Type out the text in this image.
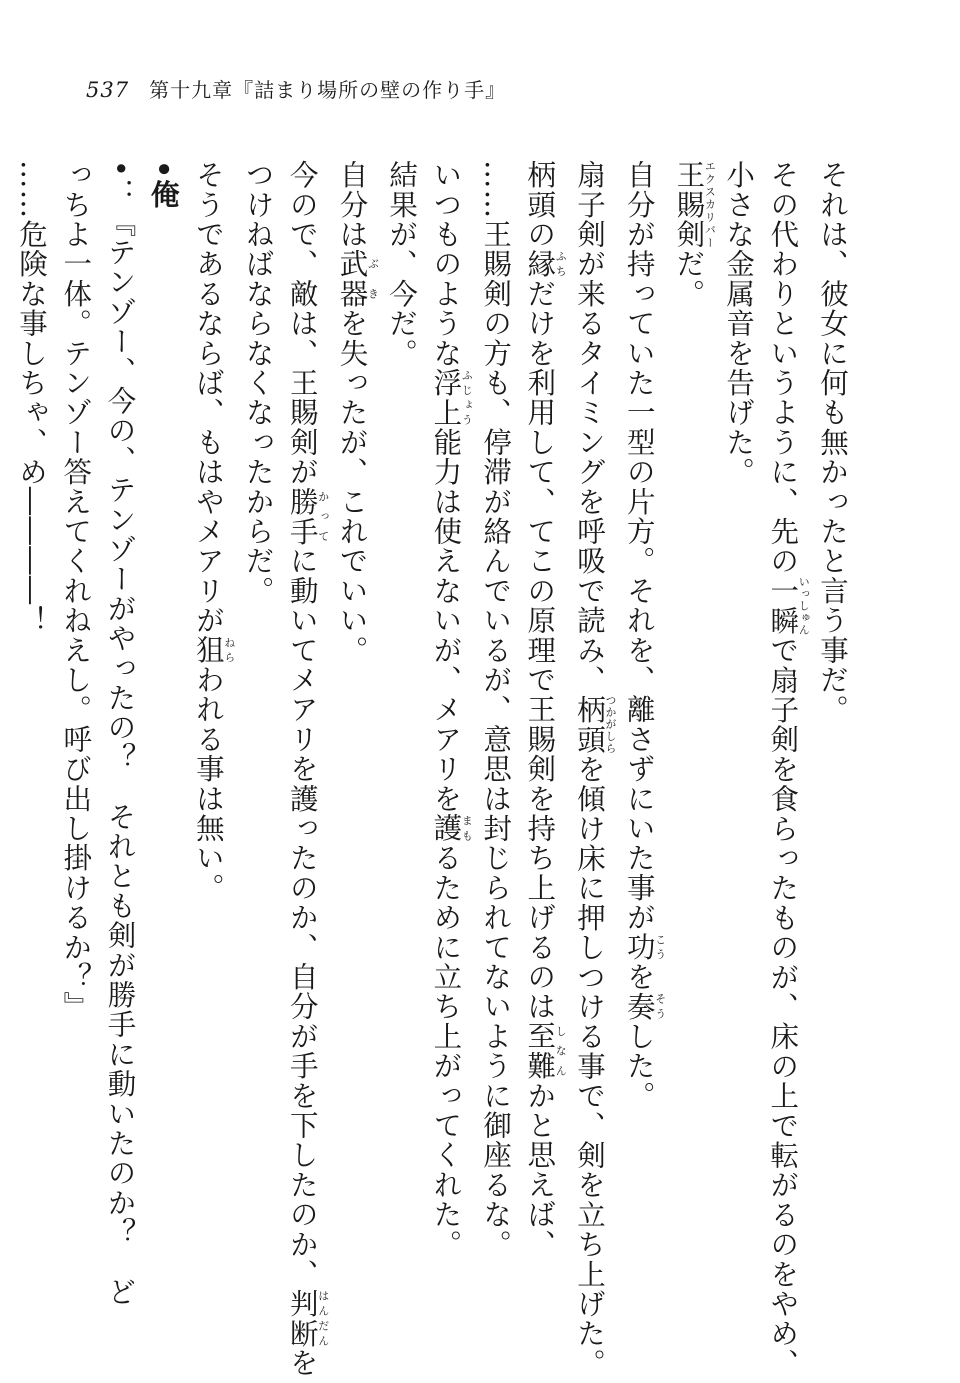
537 第十九章『詰まり場所の壁の作り手』

それは、彼女に何も無かったと言う事だ。

その代わりというように、先の一瞬いっしゅんで扇子剣を食らったものが、床の上で転がるのをやめ、

小さな金属音を告げた。

王賜剣エクスカリバーだ。

自分が持っていた一型の片方。それを、離さずにいた事が功こうを奏そうした。

扇子剣が来るタイミングを呼吸で読み、柄頭つかがしらを傾け床に押しつける事で、剣を立ち上げた。

柄頭の縁ふちだけを利用して、てこの原理で王賜剣を持ち上げるのは至難しなんかと思えば、

……王賜剣の方も、停滞が絡んでいるが、意思は封じられてないように御座るな。

いつものような浮上ふじょう能力は使えないが、メアリを護まもるために立ち上がってくれた。

結果が、今だ。

自分は武器ぶきを失ったが、これでいい。

今ので、敵は、王賜剣が勝手かってに動いてメアリを護ったのか、自分が手を下したのか、判断はんだんを

つけねばならなくなったからだ。

そうであるならば、もはやメアリが狙ねらわれる事は無い。

•俺

•：『テンゾー、今の、テンゾーがやったの？　それとも剣が勝手に動いたのか？　ど

っちよ一体。テンゾー答えてくれねえし。呼び出し掛けるか？』

……危険な事しちゃ、め――――！
